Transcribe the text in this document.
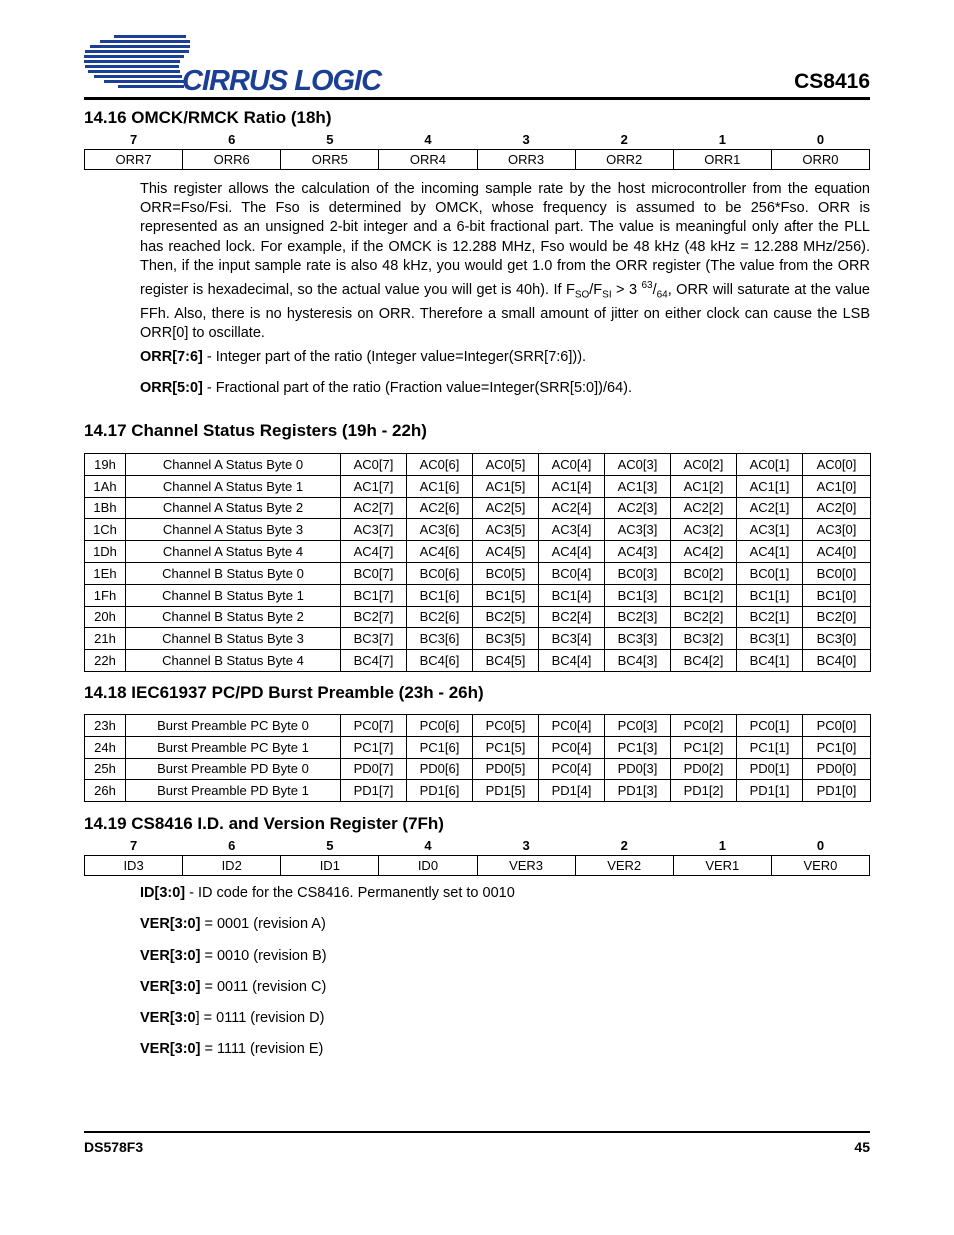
CIRRUS LOGIC	CS8416
14.16 OMCK/RMCK Ratio (18h)
7	6	5	4	3	2	1	0
ORR7	ORR6	ORR5	ORR4	ORR3	ORR2	ORR1	ORR0
This register allows the calculation of the incoming sample rate by the host microcontroller from the equation ORR=Fso/Fsi. The Fso is determined by OMCK, whose frequency is assumed to be 256*Fso. ORR is represented as an unsigned 2-bit integer and a 6-bit fractional part. The value is meaningful only after the PLL has reached lock. For example, if the OMCK is 12.288 MHz, Fso would be 48 kHz (48 kHz = 12.288 MHz/256). Then, if the input sample rate is also 48 kHz, you would get 1.0 from the ORR register (The value from the ORR register is hexadecimal, so the actual value you will get is 40h). If $F_{SO}/F_{SI} > 3$ $^{63}/_{64}$, ORR will saturate at the value FFh. Also, there is no hysteresis on ORR. Therefore a small amount of jitter on either clock can cause the LSB ORR[0] to oscillate.
ORR[7:6] - Integer part of the ratio (Integer value=Integer(SRR[7:6])).
ORR[5:0] - Fractional part of the ratio (Fraction value=Integer(SRR[5:0])/64).
14.17 Channel Status Registers (19h - 22h)
19h	Channel A Status Byte 0	AC0[7]	AC0[6]	AC0[5]	AC0[4]	AC0[3]	AC0[2]	AC0[1]	AC0[0]
1Ah	Channel A Status Byte 1	AC1[7]	AC1[6]	AC1[5]	AC1[4]	AC1[3]	AC1[2]	AC1[1]	AC1[0]
1Bh	Channel A Status Byte 2	AC2[7]	AC2[6]	AC2[5]	AC2[4]	AC2[3]	AC2[2]	AC2[1]	AC2[0]
1Ch	Channel A Status Byte 3	AC3[7]	AC3[6]	AC3[5]	AC3[4]	AC3[3]	AC3[2]	AC3[1]	AC3[0]
1Dh	Channel A Status Byte 4	AC4[7]	AC4[6]	AC4[5]	AC4[4]	AC4[3]	AC4[2]	AC4[1]	AC4[0]
1Eh	Channel B Status Byte 0	BC0[7]	BC0[6]	BC0[5]	BC0[4]	BC0[3]	BC0[2]	BC0[1]	BC0[0]
1Fh	Channel B Status Byte 1	BC1[7]	BC1[6]	BC1[5]	BC1[4]	BC1[3]	BC1[2]	BC1[1]	BC1[0]
20h	Channel B Status Byte 2	BC2[7]	BC2[6]	BC2[5]	BC2[4]	BC2[3]	BC2[2]	BC2[1]	BC2[0]
21h	Channel B Status Byte 3	BC3[7]	BC3[6]	BC3[5]	BC3[4]	BC3[3]	BC3[2]	BC3[1]	BC3[0]
22h	Channel B Status Byte 4	BC4[7]	BC4[6]	BC4[5]	BC4[4]	BC4[3]	BC4[2]	BC4[1]	BC4[0]
14.18 IEC61937 PC/PD Burst Preamble (23h - 26h)
23h	Burst Preamble PC Byte 0	PC0[7]	PC0[6]	PC0[5]	PC0[4]	PC0[3]	PC0[2]	PC0[1]	PC0[0]
24h	Burst Preamble PC Byte 1	PC1[7]	PC1[6]	PC1[5]	PC0[4]	PC1[3]	PC1[2]	PC1[1]	PC1[0]
25h	Burst Preamble PD Byte 0	PD0[7]	PD0[6]	PD0[5]	PC0[4]	PD0[3]	PD0[2]	PD0[1]	PD0[0]
26h	Burst Preamble PD Byte 1	PD1[7]	PD1[6]	PD1[5]	PD1[4]	PD1[3]	PD1[2]	PD1[1]	PD1[0]
14.19 CS8416 I.D. and Version Register (7Fh)
7	6	5	4	3	2	1	0
ID3	ID2	ID1	ID0	VER3	VER2	VER1	VER0
ID[3:0] - ID code for the CS8416. Permanently set to 0010
VER[3:0] = 0001 (revision A)
VER[3:0] = 0010 (revision B)
VER[3:0] = 0011 (revision C)
VER[3:0] = 0111 (revision D)
VER[3:0] = 1111 (revision E)
DS578F3	45
